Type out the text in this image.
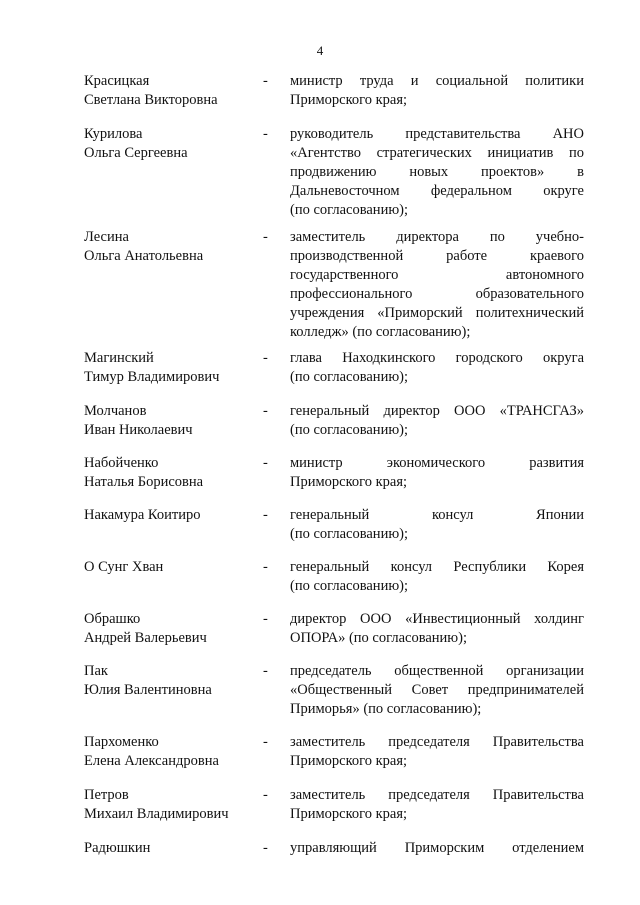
4
Красицкая
Светлана Викторовна
- министр труда и социальной политики
Приморского края;
Курилова
Ольга Сергеевна
- руководитель представительства АНО
«Агентство стратегических инициатив по
продвижению новых проектов» в
Дальневосточном федеральном округе
(по согласованию);
Лесина
Ольга Анатольевна
- заместитель директора по учебно-
производственной работе краевого
государственного автономного
профессионального образовательного
учреждения «Приморский политехнический
колледж» (по согласованию);
Магинский
Тимур Владимирович
- глава Находкинского городского округа
(по согласованию);
Молчанов
Иван Николаевич
- генеральный директор ООО «ТРАНСГАЗ»
(по согласованию);
Набойченко
Наталья Борисовна
- министр экономического развития
Приморского края;
Накамура Коитиро	- генеральный консул Японии
(по согласованию);
О Сунг Хван	- генеральный консул Республики Корея
(по согласованию);
Обрашко
Андрей Валерьевич
- директор ООО «Инвестиционный холдинг
ОПОРА» (по согласованию);
Пак
Юлия Валентиновна
- председатель общественной организации
«Общественный Совет предпринимателей
Приморья» (по согласованию);
Пархоменко
Елена Александровна
- заместитель председателя Правительства
Приморского края;
Петров
Михаил Владимирович
- заместитель председателя Правительства
Приморского края;
Радюшкин	- управляющий Приморским отделением
